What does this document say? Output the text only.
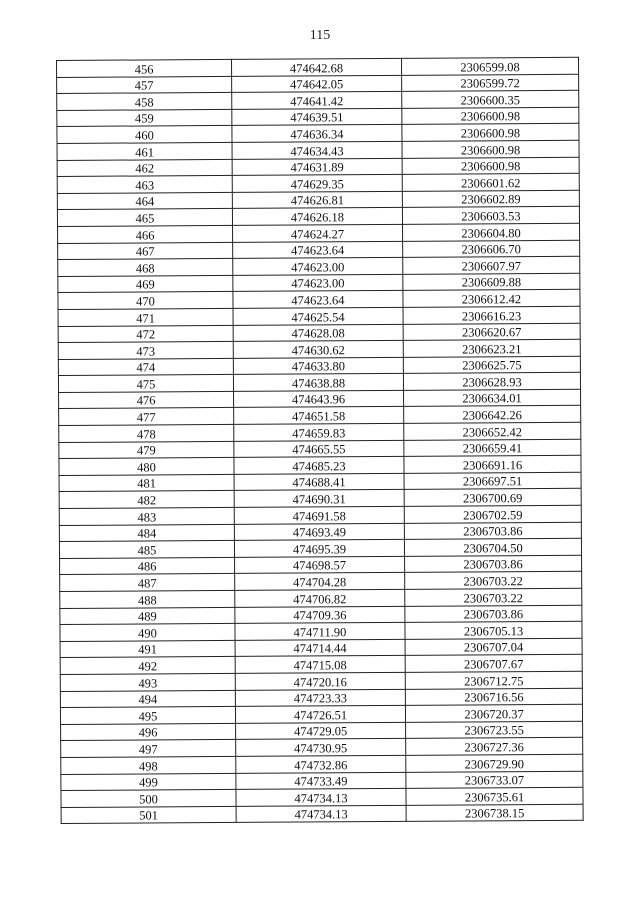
115
456	474642.68	2306599.08
457	474642.05	2306599.72
458	474641.42	2306600.35
459	474639.51	2306600.98
460	474636.34	2306600.98
461	474634.43	2306600.98
462	474631.89	2306600.98
463	474629.35	2306601.62
464	474626.81	2306602.89
465	474626.18	2306603.53
466	474624.27	2306604.80
467	474623.64	2306606.70
468	474623.00	2306607.97
469	474623.00	2306609.88
470	474623.64	2306612.42
471	474625.54	2306616.23
472	474628.08	2306620.67
473	474630.62	2306623.21
474	474633.80	2306625.75
475	474638.88	2306628.93
476	474643.96	2306634.01
477	474651.58	2306642.26
478	474659.83	2306652.42
479	474665.55	2306659.41
480	474685.23	2306691.16
481	474688.41	2306697.51
482	474690.31	2306700.69
483	474691.58	2306702.59
484	474693.49	2306703.86
485	474695.39	2306704.50
486	474698.57	2306703.86
487	474704.28	2306703.22
488	474706.82	2306703.22
489	474709.36	2306703.86
490	474711.90	2306705.13
491	474714.44	2306707.04
492	474715.08	2306707.67
493	474720.16	2306712.75
494	474723.33	2306716.56
495	474726.51	2306720.37
496	474729.05	2306723.55
497	474730.95	2306727.36
498	474732.86	2306729.90
499	474733.49	2306733.07
500	474734.13	2306735.61
501	474734.13	2306738.15
